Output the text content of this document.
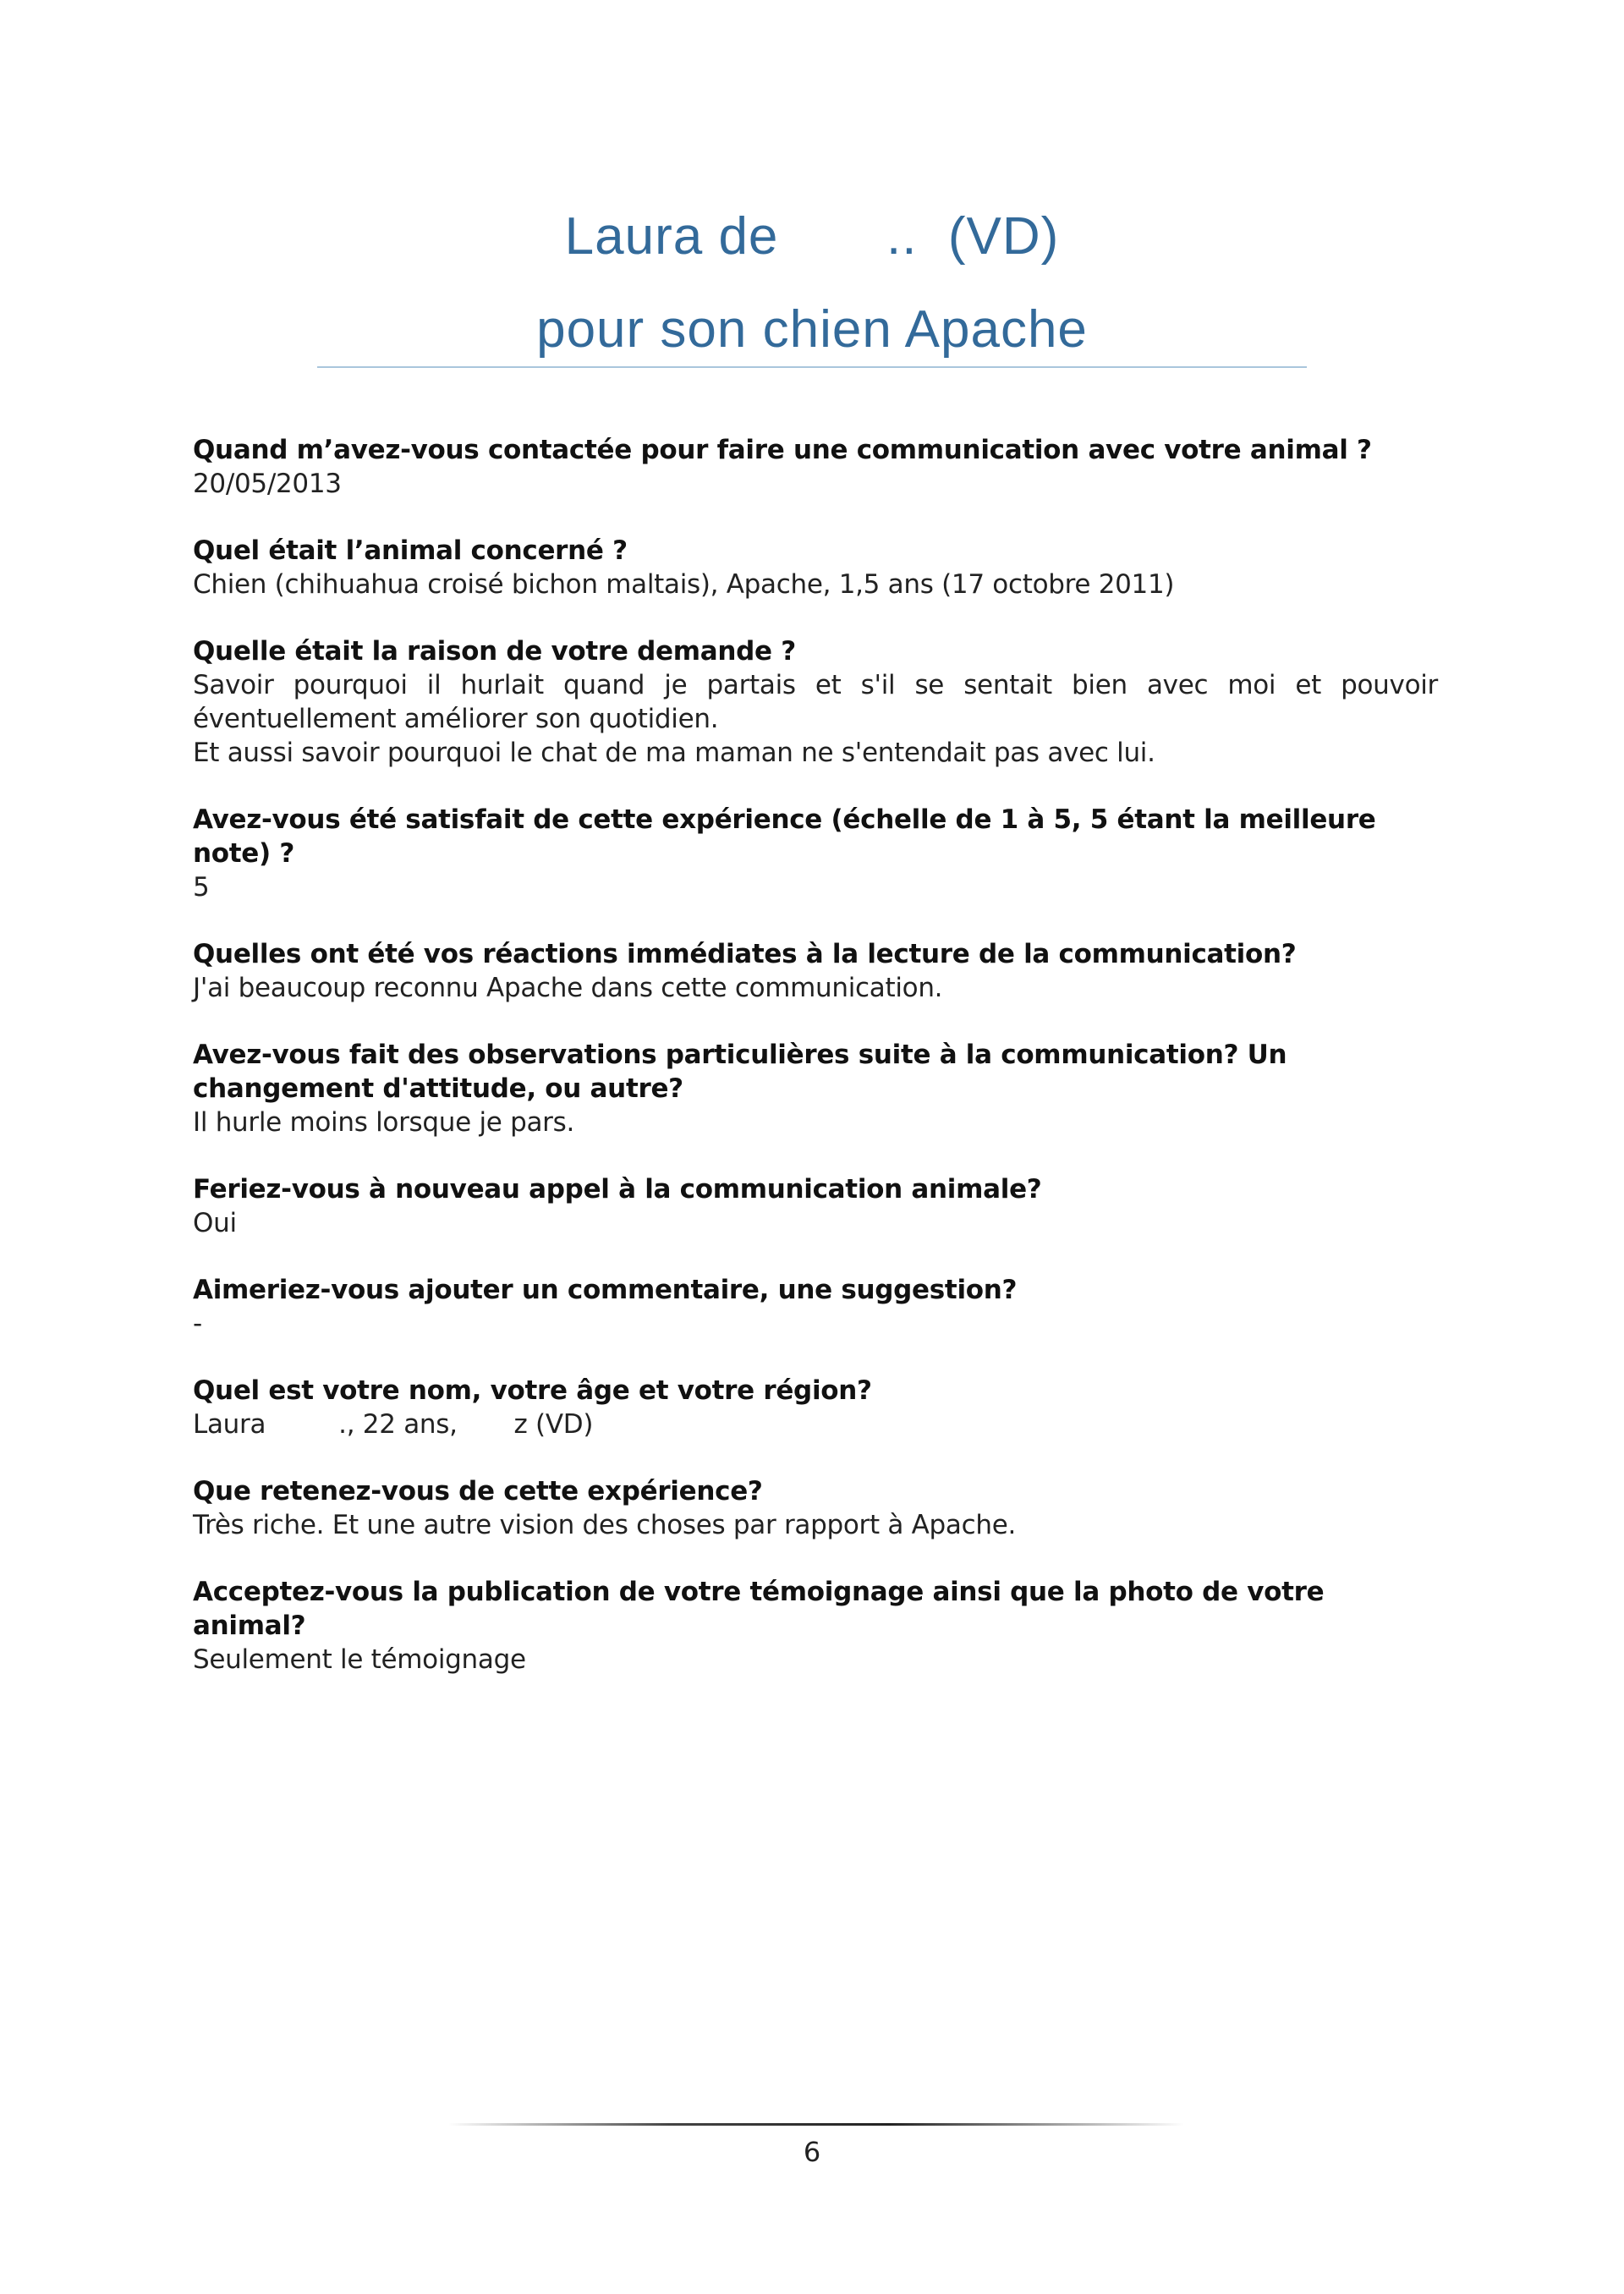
Laura de       ..  (VD)
pour son chien Apache
Quand m’avez-vous contactée pour faire une communication avec votre animal ?
20/05/2013
Quel était l’animal concerné ?
Chien (chihuahua croisé bichon maltais), Apache, 1,5 ans (17 octobre 2011)
Quelle était la raison de votre demande ?
Savoir pourquoi il hurlait quand je partais et s'il se sentait bien avec moi et pouvoir éventuellement améliorer son quotidien.
Et aussi savoir pourquoi le chat de ma maman ne s'entendait pas avec lui.
Avez-vous été satisfait de cette expérience (échelle de 1 à 5, 5 étant la meilleure note) ?
5
Quelles ont été vos réactions immédiates à la lecture de la communication?
J'ai beaucoup reconnu Apache dans cette communication.
Avez-vous fait des observations particulières suite à la communication? Un changement d'attitude, ou autre?
Il hurle moins lorsque je pars.
Feriez-vous à nouveau appel à la communication animale?
Oui
Aimeriez-vous ajouter un commentaire, une suggestion?
-
Quel est votre nom, votre âge et votre région?
Laura         ., 22 ans,       z (VD)
Que retenez-vous de cette expérience?
Très riche. Et une autre vision des choses par rapport à Apache.
Acceptez-vous la publication de votre témoignage ainsi que la photo de votre animal?
Seulement le témoignage
6
